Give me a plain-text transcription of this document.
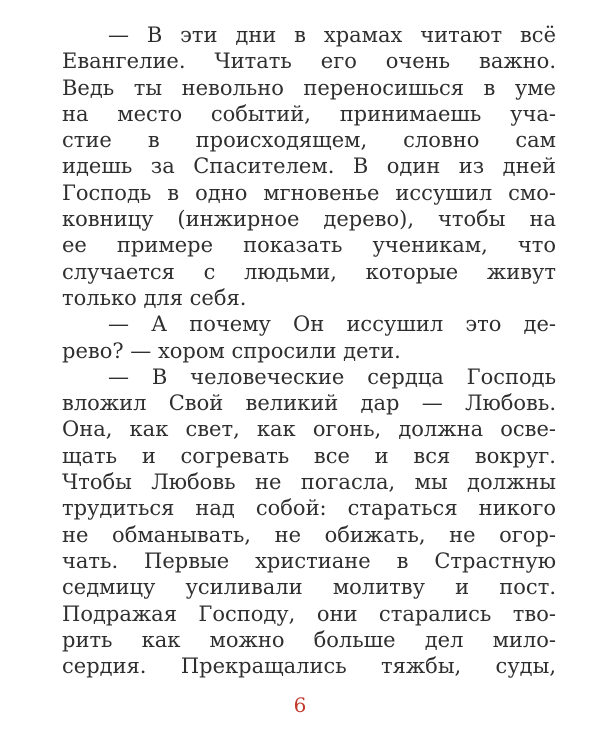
— В эти дни в храмах читают всё
Евангелие. Читать его очень важно.
Ведь ты невольно переносишься в уме
на место событий, принимаешь уча-
стие в происходящем, словно сам
идешь за Спасителем. В один из дней
Господь в одно мгновенье иссушил смо-
ковницу (инжирное дерево), чтобы на
ее примере показать ученикам, что
случается с людьми, которые живут
только для себя.
— А почему Он иссушил это де-
рево? — хором спросили дети.
— В человеческие сердца Господь
вложил Свой великий дар — Любовь.
Она, как свет, как огонь, должна осве-
щать и согревать все и вся вокруг.
Чтобы Любовь не погасла, мы должны
трудиться над собой: стараться никого
не обманывать, не обижать, не огор-
чать. Первые христиане в Страстную
седмицу усиливали молитву и пост.
Подражая Господу, они старались тво-
рить как можно больше дел мило-
сердия. Прекращались тяжбы, суды,
6
